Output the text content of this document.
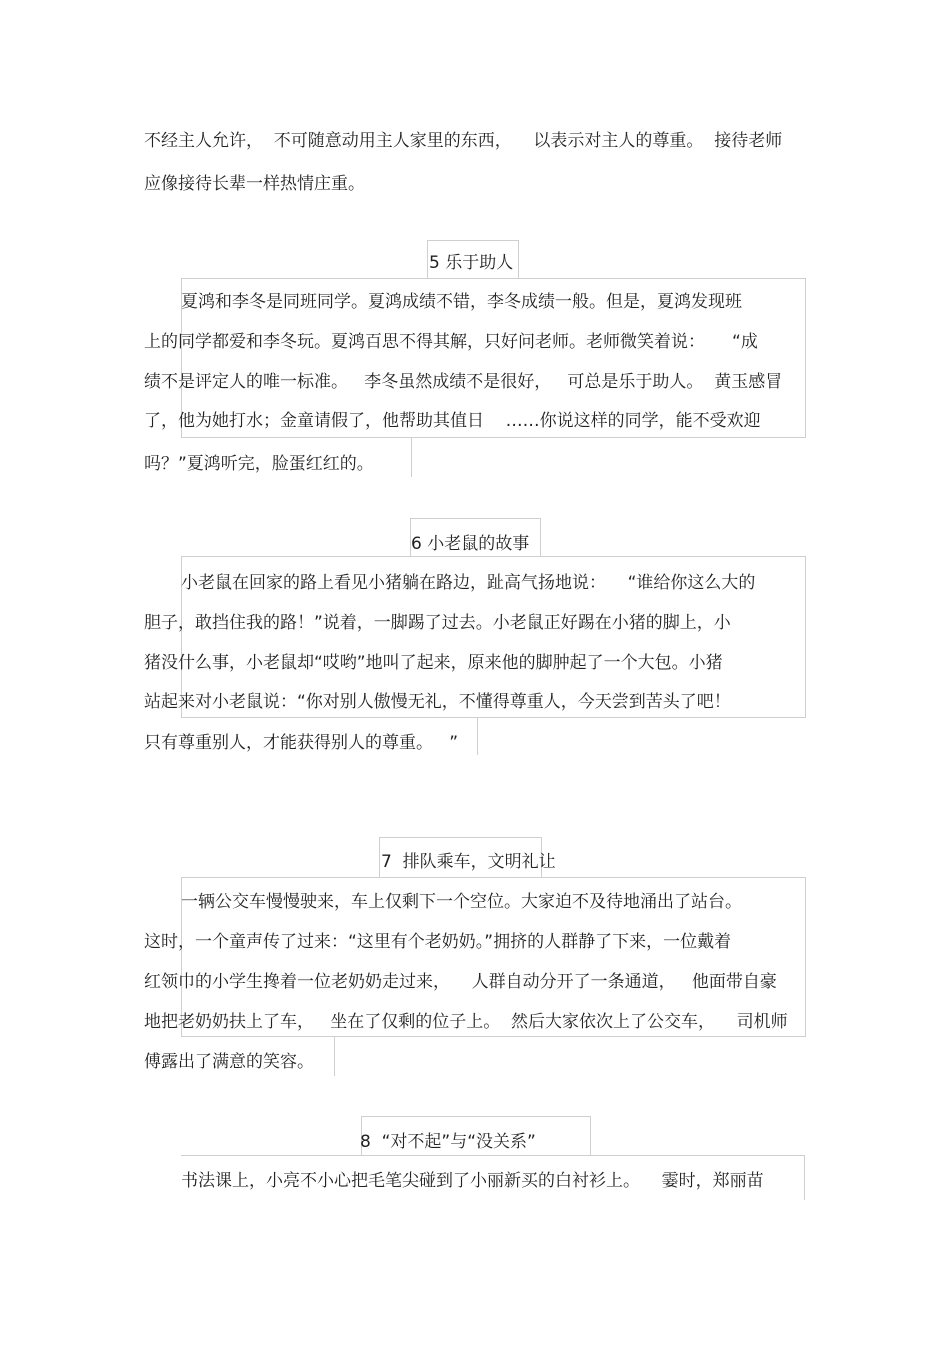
不经主人允许，  不可随意动用主人家里的东西，    以表示对主人的尊重。  接待老师
应像接待长辈一样热情庄重。
5 乐于助人
夏鸿和李冬是同班同学。夏鸿成绩不错，李冬成绩一般。但是，夏鸿发现班
上的同学都爱和李冬玩。夏鸿百思不得其解，只好问老师。老师微笑着说：     “成
绩不是评定人的唯一标准。   李冬虽然成绩不是很好，   可总是乐于助人。  黄玉感冒
了，他为她打水；金童请假了，他帮助其值日    ……你说这样的同学，能不受欢迎
吗？”夏鸿听完，脸蛋红红的。
6 小老鼠的故事
小老鼠在回家的路上看见小猪躺在路边，趾高气扬地说：    “谁给你这么大的
胆子，敢挡住我的路！”说着，一脚踢了过去。小老鼠正好踢在小猪的脚上，小
猪没什么事，小老鼠却“哎哟”地叫了起来，原来他的脚肿起了一个大包。小猪
站起来对小老鼠说：“你对别人傲慢无礼，不懂得尊重人，今天尝到苦头了吧！
只有尊重别人，才能获得别人的尊重。   ”
7  排队乘车，文明礼让
一辆公交车慢慢驶来，车上仅剩下一个空位。大家迫不及待地涌出了站台。
这时，一个童声传了过来：“这里有个老奶奶。”拥挤的人群静了下来，一位戴着
红领巾的小学生搀着一位老奶奶走过来，    人群自动分开了一条通道，   他面带自豪
地把老奶奶扶上了车，   坐在了仅剩的位子上。  然后大家依次上了公交车，    司机师
傅露出了满意的笑容。
8  “对不起”与“没关系”
书法课上，小亮不小心把毛笔尖碰到了小丽新买的白衬衫上。    霎时，郑丽苗
